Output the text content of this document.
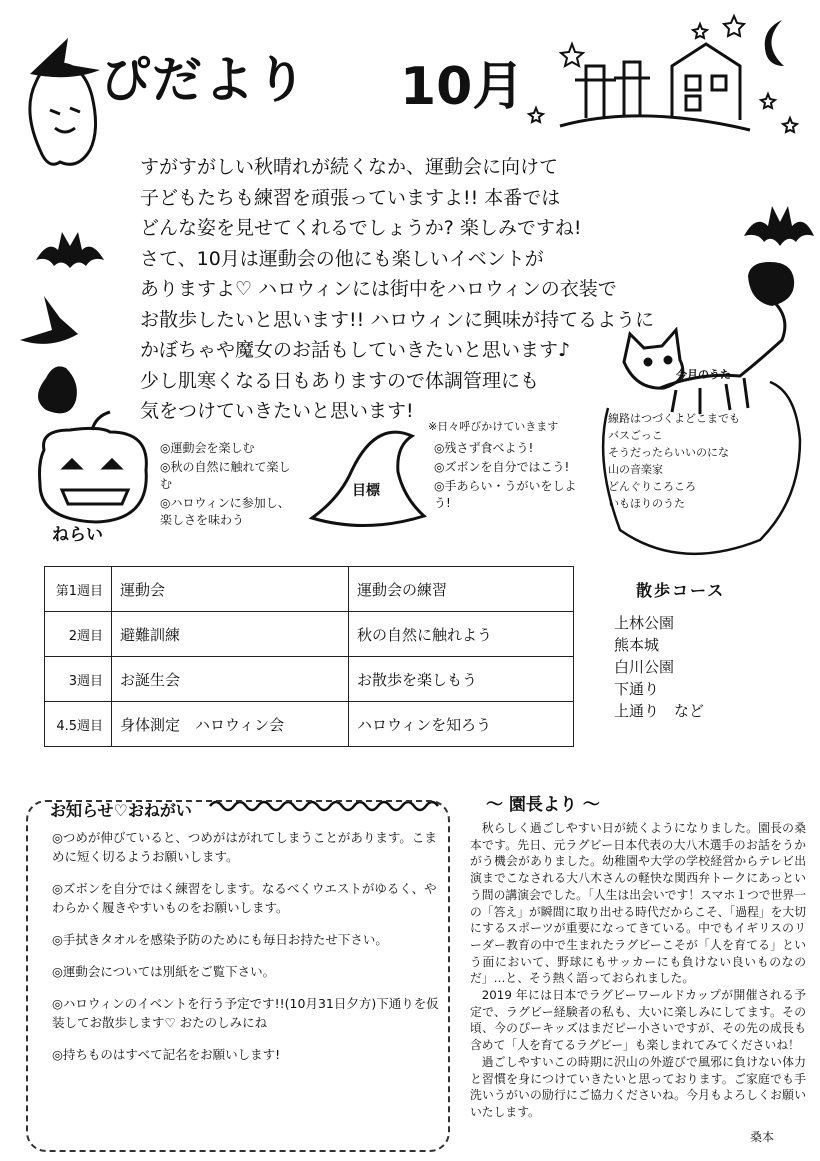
ぴだより 10月
すがすがしい秋晴れが続くなか、運動会に向けて
子どもたちも練習を頑張っていますよ!! 本番では
どんな姿を見せてくれるでしょうか? 楽しみですね!
さて、10月は運動会の他にも楽しいイベントが
ありますよ♡ ハロウィンには街中をハロウィンの衣装で
お散歩したいと思います!! ハロウィンに興味が持てるように
かぼちゃや魔女のお話もしていきたいと思います♪
少し肌寒くなる日もありますので体調管理にも
気をつけていきたいと思います!
◎運動会を楽しむ
◎秋の自然に触れて楽しむ
◎ハロウィンに参加し、楽しさを味わう
ねらい
目標
※日々呼びかけていきます
◎残さず食べよう!
◎ズボンを自分ではこう!
◎手あらい・うがいをしよう!
今月のうた
線路はつづくよどこまでも
バスごっこ
そうだったらいいのにな
山の音楽家
どんぐりころころ
いもほりのうた
第1週目	運動会	運動会の練習
2週目	避難訓練	秋の自然に触れよう
3週目	お誕生会	お散歩を楽しもう
4.5週目	身体測定　ハロウィン会	ハロウィンを知ろう
散歩コース
上林公園
熊本城
白川公園
下通り
上通り　など
お知らせ♡おねがい
◎つめが伸びていると、つめがはがれてしまうことがあります。こまめに短く切るようお願いします。
◎ズボンを自分ではく練習をします。なるべくウエストがゆるく、やわらかく履きやすいものをお願いします。
◎手拭きタオルを感染予防のためにも毎日お持たせ下さい。
◎運動会については別紙をご覧下さい。
◎ハロウィンのイベントを行う予定です!!(10月31日夕方)下通りを仮装してお散歩します♡ おたのしみにね
◎持ちものはすべて記名をお願いします!
～ 園長より ～

秋らしく過ごしやすい日が続くようになりました。園長の桑本です。先日、元ラグビー日本代表の大八木選手のお話をうかがう機会がありました。幼稚園や大学の学校経営からテレビ出演までこなされる大八木さんの軽快な関西弁トークにあっという間の講演会でした。「人生は出会いです！スマホ１つで世界一の「答え」が瞬間に取り出せる時代だからこそ、「過程」を大切にするスポーツが重要になってきている。中でもイギリスのリーダー教育の中で生まれたラグビーこそが「人を育てる」という面において、野球にもサッカーにも負けない良いものなのだ」…と、そう熱く語っておられました。

2019 年には日本でラグビーワールドカップが開催される予定で、ラグビー経験者の私も、大いに楽しみにしてます。その頃、今のぴーキッズはまだピー小さいですが、その先の成長も含めて「人を育てるラグビー」も楽しまれてみてくださいね！

過ごしやすいこの時期に沢山の外遊びで風邪に負けない体力と習慣を身につけていきたいと思っております。ご家庭でも手洗いうがいの励行にご協力くださいね。今月もよろしくお願いいたします。

桑本
